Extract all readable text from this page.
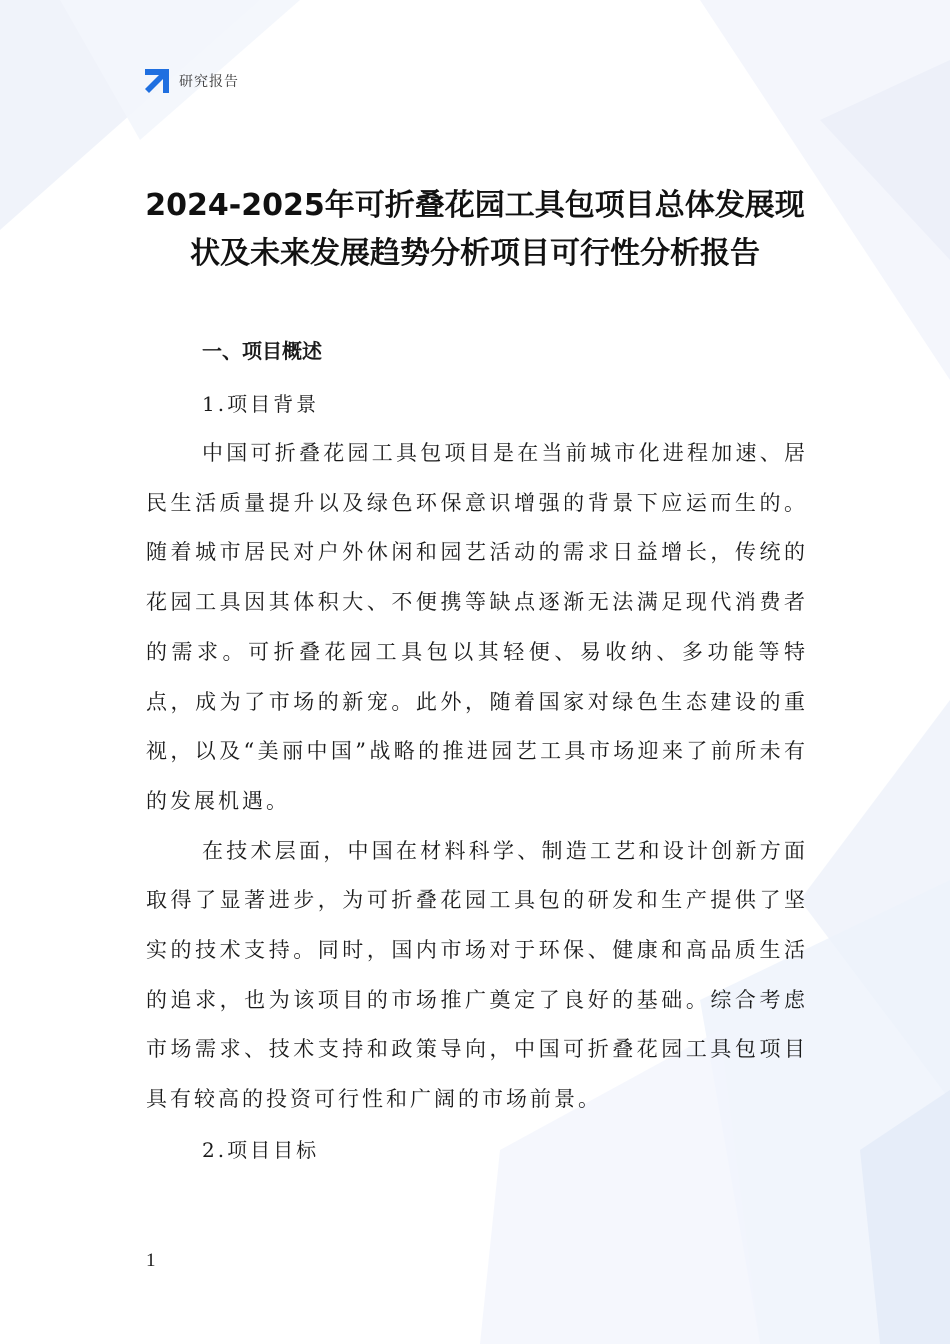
研究报告
2024-2025年可折叠花园工具包项目总体发展现
状及未来发展趋势分析项目可行性分析报告
一、项目概述
1.项目背景

中国可折叠花园工具包项目是在当前城市化进程加速、居民生活质量提升以及绿色环保意识增强的背景下应运而生的。随着城市居民对户外休闲和园艺活动的需求日益增长，传统的花园工具因其体积大、不便携等缺点逐渐无法满足现代消费者的需求。可折叠花园工具包以其轻便、易收纳、多功能等特点，成为了市场的新宠。此外，随着国家对绿色生态建设的重视，以及“美丽中国”战略的推进园艺工具市场迎来了前所未有的发展机遇。

在技术层面，中国在材料科学、制造工艺和设计创新方面取得了显著进步，为可折叠花园工具包的研发和生产提供了坚实的技术支持。同时，国内市场对于环保、健康和高品质生活的追求，也为该项目的市场推广奠定了良好的基础。综合考虑市场需求、技术支持和政策导向，中国可折叠花园工具包项目具有较高的投资可行性和广阔的市场前景。

2.项目目标
1
